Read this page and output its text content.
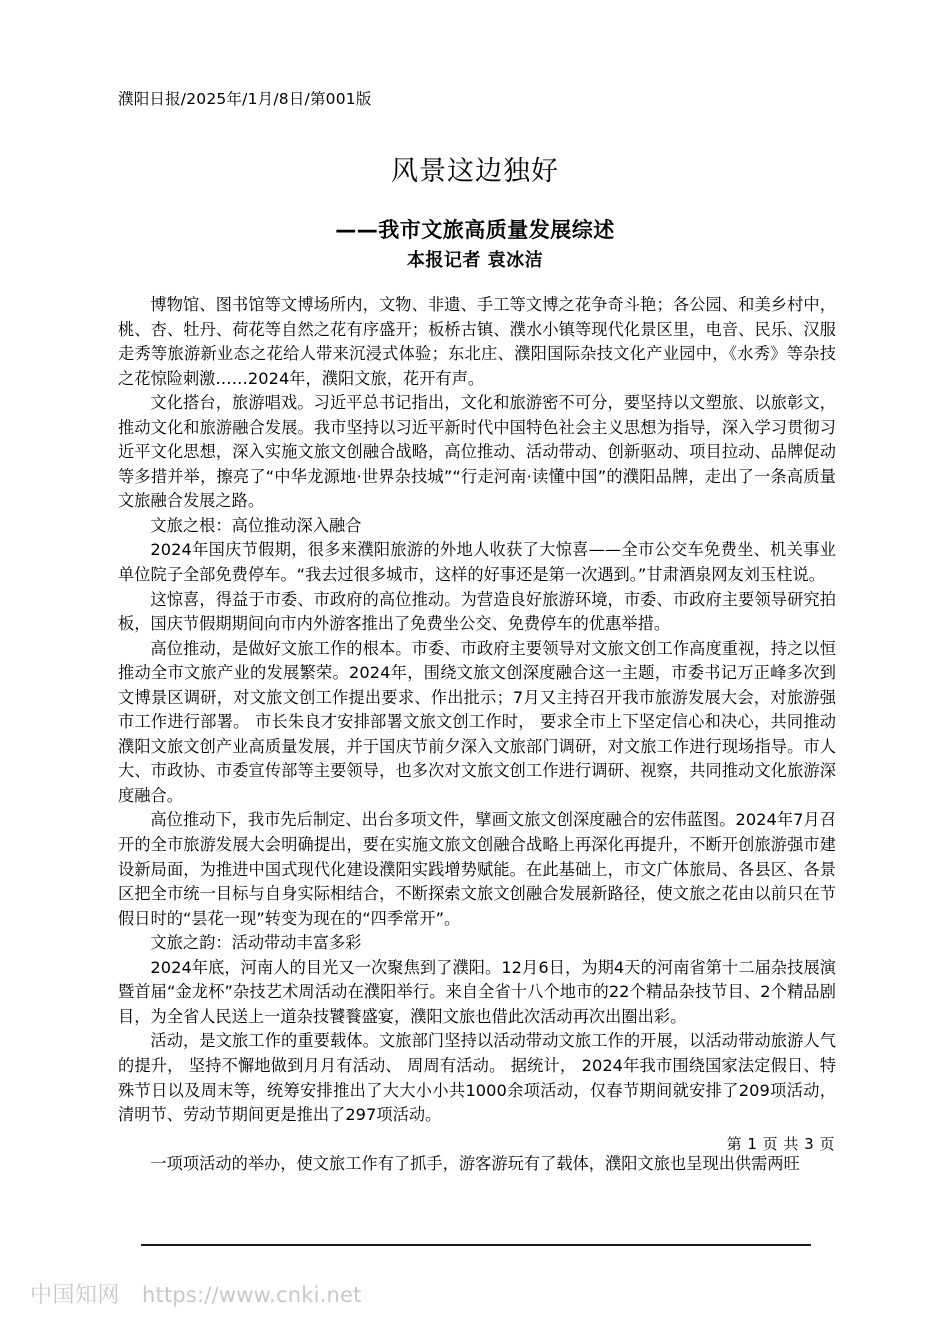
濮阳日报/2025年/1月/8日/第001版
风景这边独好
——我市文旅高质量发展综述
本报记者 袁冰洁

博物馆、图书馆等文博场所内，文物、非遗、手工等文博之花争奇斗艳；各公园、和美乡村中，桃、杏、牡丹、荷花等自然之花有序盛开；板桥古镇、濮水小镇等现代化景区里，电音、民乐、汉服走秀等旅游新业态之花给人带来沉浸式体验；东北庄、濮阳国际杂技文化产业园中，《水秀》等杂技之花惊险刺激……2024年，濮阳文旅，花开有声。

文化搭台，旅游唱戏。习近平总书记指出，文化和旅游密不可分，要坚持以文塑旅、以旅彰文，推动文化和旅游融合发展。我市坚持以习近平新时代中国特色社会主义思想为指导，深入学习贯彻习近平文化思想，深入实施文旅文创融合战略，高位推动、活动带动、创新驱动、项目拉动、品牌促动等多措并举，擦亮了“中华龙源地·世界杂技城”“行走河南·读懂中国”的濮阳品牌，走出了一条高质量文旅融合发展之路。

文旅之根：高位推动深入融合

2024年国庆节假期，很多来濮阳旅游的外地人收获了大惊喜——全市公交车免费坐、机关事业单位院子全部免费停车。“我去过很多城市，这样的好事还是第一次遇到。”甘肃酒泉网友刘玉柱说。

这惊喜，得益于市委、市政府的高位推动。为营造良好旅游环境，市委、市政府主要领导研究拍板，国庆节假期期间向市内外游客推出了免费坐公交、免费停车的优惠举措。

高位推动，是做好文旅工作的根本。市委、市政府主要领导对文旅文创工作高度重视，持之以恒推动全市文旅产业的发展繁荣。2024年，围绕文旅文创深度融合这一主题，市委书记万正峰多次到文博景区调研，对文旅文创工作提出要求、作出批示；7月又主持召开我市旅游发展大会，对旅游强市工作进行部署。 市长朱良才安排部署文旅文创工作时， 要求全市上下坚定信心和决心，共同推动濮阳文旅文创产业高质量发展，并于国庆节前夕深入文旅部门调研，对文旅工作进行现场指导。市人大、市政协、市委宣传部等主要领导，也多次对文旅文创工作进行调研、视察，共同推动文化旅游深度融合。

高位推动下，我市先后制定、出台多项文件，擘画文旅文创深度融合的宏伟蓝图。2024年7月召开的全市旅游发展大会明确提出，要在实施文旅文创融合战略上再深化再提升，不断开创旅游强市建设新局面，为推进中国式现代化建设濮阳实践增势赋能。在此基础上，市文广体旅局、各县区、各景区把全市统一目标与自身实际相结合，不断探索文旅文创融合发展新路径，使文旅之花由以前只在节假日时的“昙花一现”转变为现在的“四季常开”。

文旅之韵：活动带动丰富多彩

2024年底，河南人的目光又一次聚焦到了濮阳。12月6日，为期4天的河南省第十二届杂技展演暨首届“金龙杯”杂技艺术周活动在濮阳举行。来自全省十八个地市的22个精品杂技节目、2个精品剧目，为全省人民送上一道杂技饕餮盛宴，濮阳文旅也借此次活动再次出圈出彩。

活动，是文旅工作的重要载体。文旅部门坚持以活动带动文旅工作的开展，以活动带动旅游人气的提升， 坚持不懈地做到月月有活动、 周周有活动。 据统计， 2024年我市围绕国家法定假日、特殊节日以及周末等，统筹安排推出了大大小小共1000余项活动，仅春节期间就安排了209项活动，清明节、劳动节期间更是推出了297项活动。

一项项活动的举办，使文旅工作有了抓手，游客游玩有了载体，濮阳文旅也呈现出供需两旺

第 1 页 共 3 页
中国知网 https://www.cnki.net
